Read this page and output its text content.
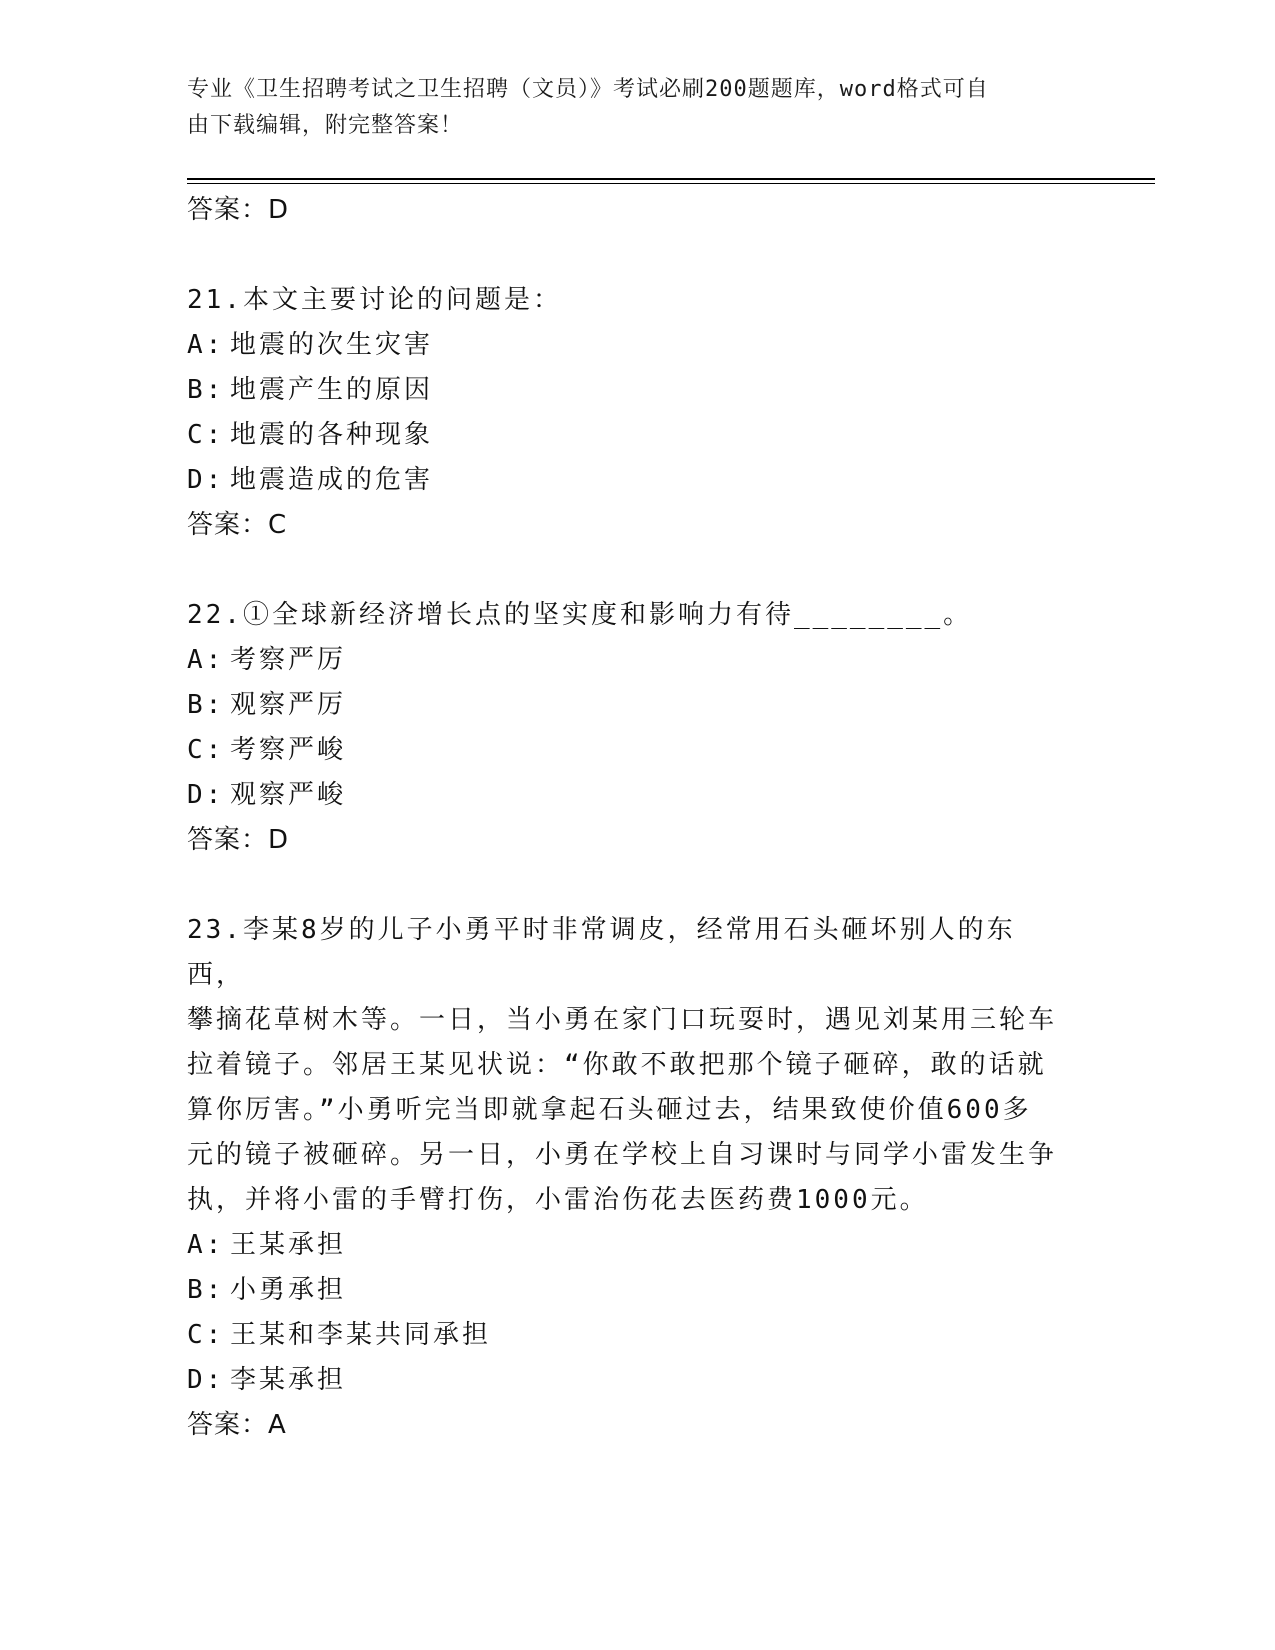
专业《卫生招聘考试之卫生招聘（文员）》考试必刷200题题库，word格式可自
由下载编辑，附完整答案！

答案：D

21.本文主要讨论的问题是：

A: 地震的次生灾害

B: 地震产生的原因

C: 地震的各种现象

D: 地震造成的危害

答案：C

22.①全球新经济增长点的坚实度和影响力有待________。

A: 考察严厉

B: 观察严厉

C: 考察严峻

D: 观察严峻

答案：D

23.李某8岁的儿子小勇平时非常调皮，经常用石头砸坏别人的东西，

攀摘花草树木等。一日，当小勇在家门口玩耍时，遇见刘某用三轮车

拉着镜子。邻居王某见状说：“你敢不敢把那个镜子砸碎，敢的话就

算你厉害。”小勇听完当即就拿起石头砸过去，结果致使价值600多

元的镜子被砸碎。另一日，小勇在学校上自习课时与同学小雷发生争

执，并将小雷的手臂打伤，小雷治伤花去医药费1000元。

A: 王某承担

B: 小勇承担

C: 王某和李某共同承担

D: 李某承担

答案：A
